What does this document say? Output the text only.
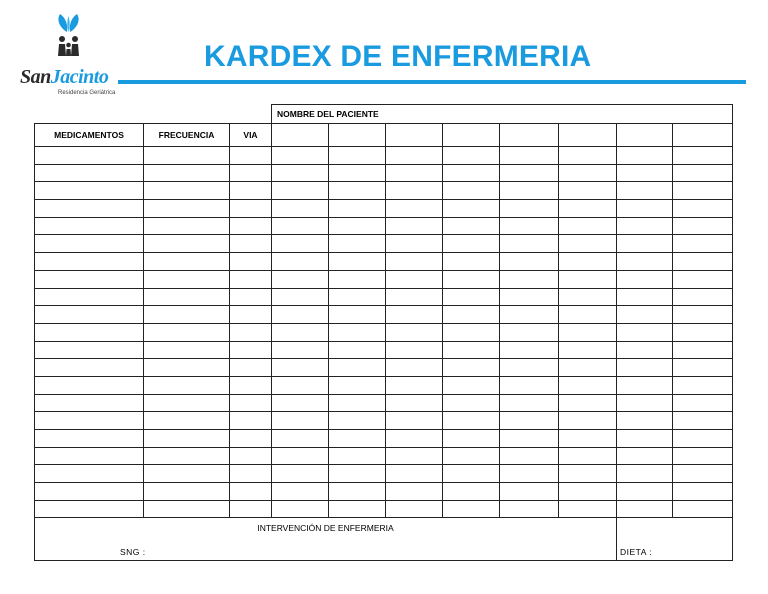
SanJacinto
Residencia Geriátrica
KARDEX DE ENFERMERIA
			NOMBRE DEL PACIENTE							
MEDICAMENTOS	FRECUENCIA	VIA								

INTERVENCIÓN DE ENFERMERIA
SNG :									DIETA :	
